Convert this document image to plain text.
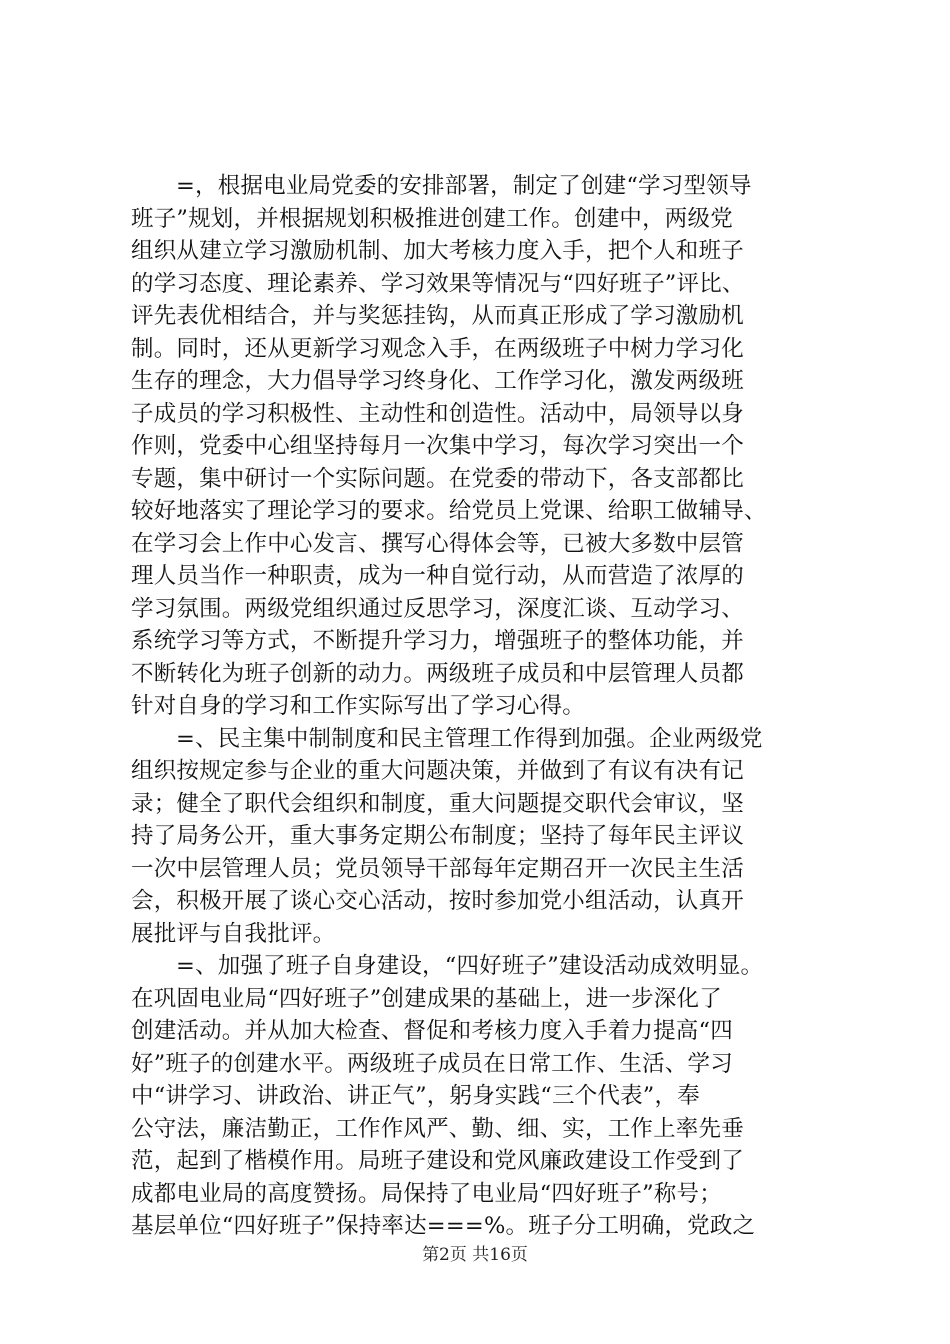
=，根据电业局党委的安排部署，制定了创建“学习型领导
班子”规划，并根据规划积极推进创建工作。创建中，两级党
组织从建立学习激励机制、加大考核力度入手，把个人和班子
的学习态度、理论素养、学习效果等情况与“四好班子”评比、
评先表优相结合，并与奖惩挂钩，从而真正形成了学习激励机
制。同时，还从更新学习观念入手，在两级班子中树力学习化
生存的理念，大力倡导学习终身化、工作学习化，激发两级班
子成员的学习积极性、主动性和创造性。活动中，局领导以身
作则，党委中心组坚持每月一次集中学习，每次学习突出一个
专题，集中研讨一个实际问题。在党委的带动下，各支部都比
较好地落实了理论学习的要求。给党员上党课、给职工做辅导、
在学习会上作中心发言、撰写心得体会等，已被大多数中层管
理人员当作一种职责，成为一种自觉行动，从而营造了浓厚的
学习氛围。两级党组织通过反思学习，深度汇谈、互动学习、
系统学习等方式，不断提升学习力，增强班子的整体功能，并
不断转化为班子创新的动力。两级班子成员和中层管理人员都
针对自身的学习和工作实际写出了学习心得。
=、民主集中制制度和民主管理工作得到加强。企业两级党
组织按规定参与企业的重大问题决策，并做到了有议有决有记
录；健全了职代会组织和制度，重大问题提交职代会审议，坚
持了局务公开，重大事务定期公布制度；坚持了每年民主评议
一次中层管理人员；党员领导干部每年定期召开一次民主生活
会，积极开展了谈心交心活动，按时参加党小组活动，认真开
展批评与自我批评。
=、加强了班子自身建设，“四好班子”建设活动成效明显。
在巩固电业局“四好班子”创建成果的基础上，进一步深化了
创建活动。并从加大检查、督促和考核力度入手着力提高“四
好”班子的创建水平。两级班子成员在日常工作、生活、学习
中“讲学习、讲政治、讲正气”，躬身实践“三个代表”，奉
公守法，廉洁勤正，工作作风严、勤、细、实，工作上率先垂
范，起到了楷模作用。局班子建设和党风廉政建设工作受到了
成都电业局的高度赞扬。局保持了电业局“四好班子”称号；
基层单位“四好班子”保持率达===%。班子分工明确，党政之
第2页 共16页
